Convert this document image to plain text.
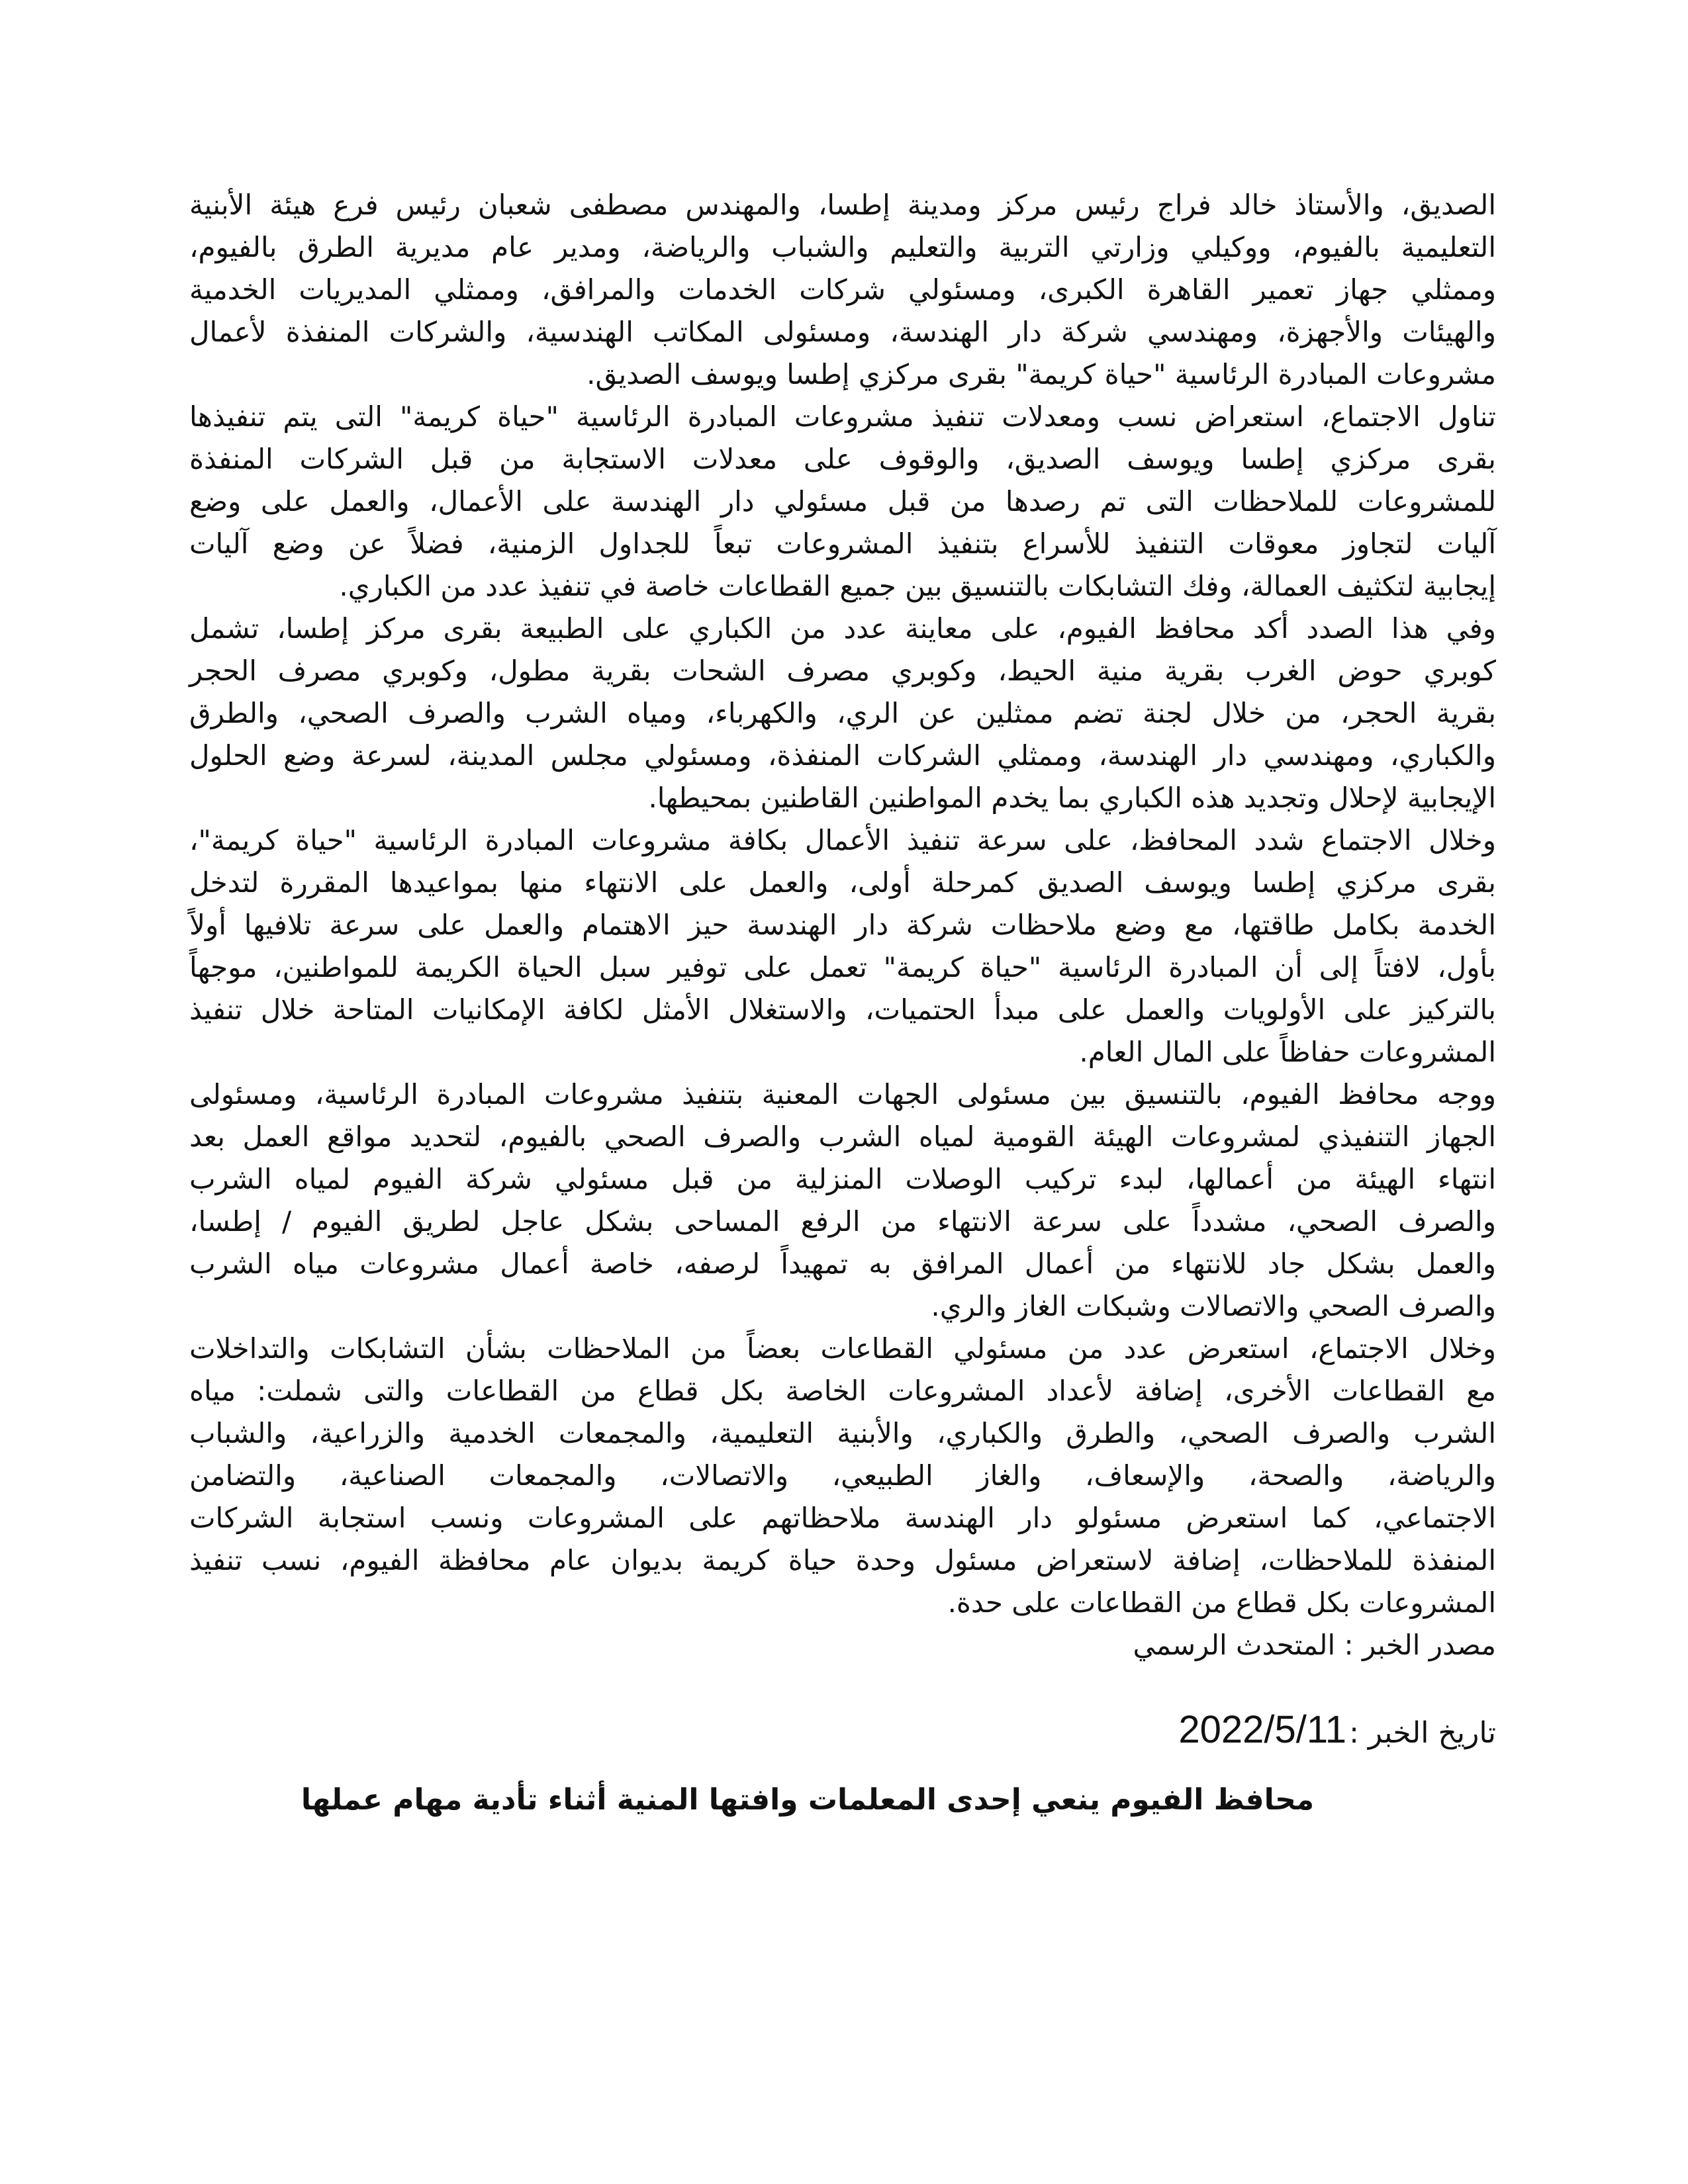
الصديق، والأستاذ خالد فراج رئيس مركز ومدينة إطسا، والمهندس مصطفى شعبان رئيس فرع هيئة الأبنية
التعليمية بالفيوم، ووكيلي وزارتي التربية والتعليم والشباب والرياضة، ومدير عام مديرية الطرق بالفيوم،
وممثلي جهاز تعمير القاهرة الكبرى، ومسئولي شركات الخدمات والمرافق، وممثلي المديريات الخدمية
والهيئات والأجهزة، ومهندسي شركة دار الهندسة، ومسئولى المكاتب الهندسية، والشركات المنفذة لأعمال
مشروعات المبادرة الرئاسية "حياة كريمة" بقرى مركزي إطسا ويوسف الصديق.
تناول الاجتماع، استعراض نسب ومعدلات تنفيذ مشروعات المبادرة الرئاسية "حياة كريمة" التى يتم تنفيذها
بقرى مركزي إطسا ويوسف الصديق، والوقوف على معدلات الاستجابة من قبل الشركات المنفذة
للمشروعات للملاحظات التى تم رصدها من قبل مسئولي دار الهندسة على الأعمال، والعمل على وضع
آليات لتجاوز معوقات التنفيذ للأسراع بتنفيذ المشروعات تبعاً للجداول الزمنية، فضلاً عن وضع آليات
إيجابية لتكثيف العمالة، وفك التشابكات بالتنسيق بين جميع القطاعات خاصة في تنفيذ عدد من الكباري.
وفي هذا الصدد أكد محافظ الفيوم، على معاينة عدد من الكباري على الطبيعة بقرى مركز إطسا، تشمل
كوبري حوض الغرب بقرية منية الحيط، وكوبري مصرف الشحات بقرية مطول، وكوبري مصرف الحجر
بقرية الحجر، من خلال لجنة تضم ممثلين عن الري، والكهرباء، ومياه الشرب والصرف الصحي، والطرق
والكباري، ومهندسي دار الهندسة، وممثلي الشركات المنفذة، ومسئولي مجلس المدينة، لسرعة وضع الحلول
الإيجابية لإحلال وتجديد هذه الكباري بما يخدم المواطنين القاطنين بمحيطها.
وخلال الاجتماع شدد المحافظ، على سرعة تنفيذ الأعمال بكافة مشروعات المبادرة الرئاسية "حياة كريمة"،
بقرى مركزي إطسا ويوسف الصديق كمرحلة أولى، والعمل على الانتهاء منها بمواعيدها المقررة لتدخل
الخدمة بكامل طاقتها، مع وضع ملاحظات شركة دار الهندسة حيز الاهتمام والعمل على سرعة تلافيها أولاً
بأول، لافتاً إلى أن المبادرة الرئاسية "حياة كريمة" تعمل على توفير سبل الحياة الكريمة للمواطنين، موجهاً
بالتركيز على الأولويات والعمل على مبدأ الحتميات، والاستغلال الأمثل لكافة الإمكانيات المتاحة خلال تنفيذ
المشروعات حفاظاً على المال العام.
ووجه محافظ الفيوم، بالتنسيق بين مسئولى الجهات المعنية بتنفيذ مشروعات المبادرة الرئاسية، ومسئولى
الجهاز التنفيذي لمشروعات الهيئة القومية لمياه الشرب والصرف الصحي بالفيوم، لتحديد مواقع العمل بعد
انتهاء الهيئة من أعمالها، لبدء تركيب الوصلات المنزلية من قبل مسئولي شركة الفيوم لمياه الشرب
والصرف الصحي، مشدداً على سرعة الانتهاء من الرفع المساحى بشكل عاجل لطريق الفيوم / إطسا،
والعمل بشكل جاد للانتهاء من أعمال المرافق به تمهيداً لرصفه، خاصة أعمال مشروعات مياه الشرب
والصرف الصحي والاتصالات وشبكات الغاز والري.
وخلال الاجتماع، استعرض عدد من مسئولي القطاعات بعضاً من الملاحظات بشأن التشابكات والتداخلات
مع القطاعات الأخرى، إضافة لأعداد المشروعات الخاصة بكل قطاع من القطاعات والتى شملت: مياه
الشرب والصرف الصحي، والطرق والكباري، والأبنية التعليمية، والمجمعات الخدمية والزراعية، والشباب
والرياضة، والصحة، والإسعاف، والغاز الطبيعي، والاتصالات، والمجمعات الصناعية، والتضامن
الاجتماعي، كما استعرض مسئولو دار الهندسة ملاحظاتهم على المشروعات ونسب استجابة الشركات
المنفذة للملاحظات، إضافة لاستعراض مسئول وحدة حياة كريمة بديوان عام محافظة الفيوم، نسب تنفيذ
المشروعات بكل قطاع من القطاعات على حدة.
مصدر الخبر : المتحدث الرسمي
تاريخ الخبر : 2022/5/11
محافظ الفيوم ينعي إحدى المعلمات وافتها المنية أثناء تأدية مهام عملها
